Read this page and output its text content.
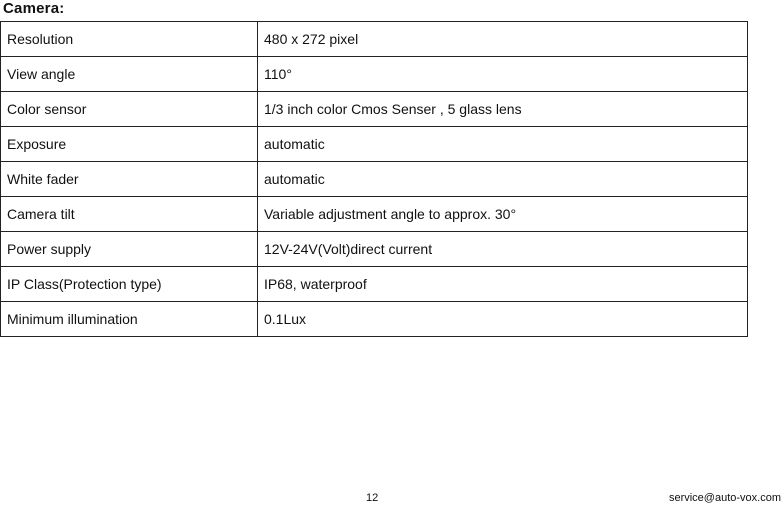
Camera:
Resolution	480 x 272 pixel
View angle	110°
Color sensor	1/3 inch color Cmos Senser , 5 glass lens
Exposure	automatic
White fader	automatic
Camera tilt	Variable adjustment angle to approx. 30°
Power supply	12V-24V(Volt)direct current
IP Class(Protection type)	IP68, waterproof
Minimum illumination	0.1Lux
12	service@auto-vox.com
